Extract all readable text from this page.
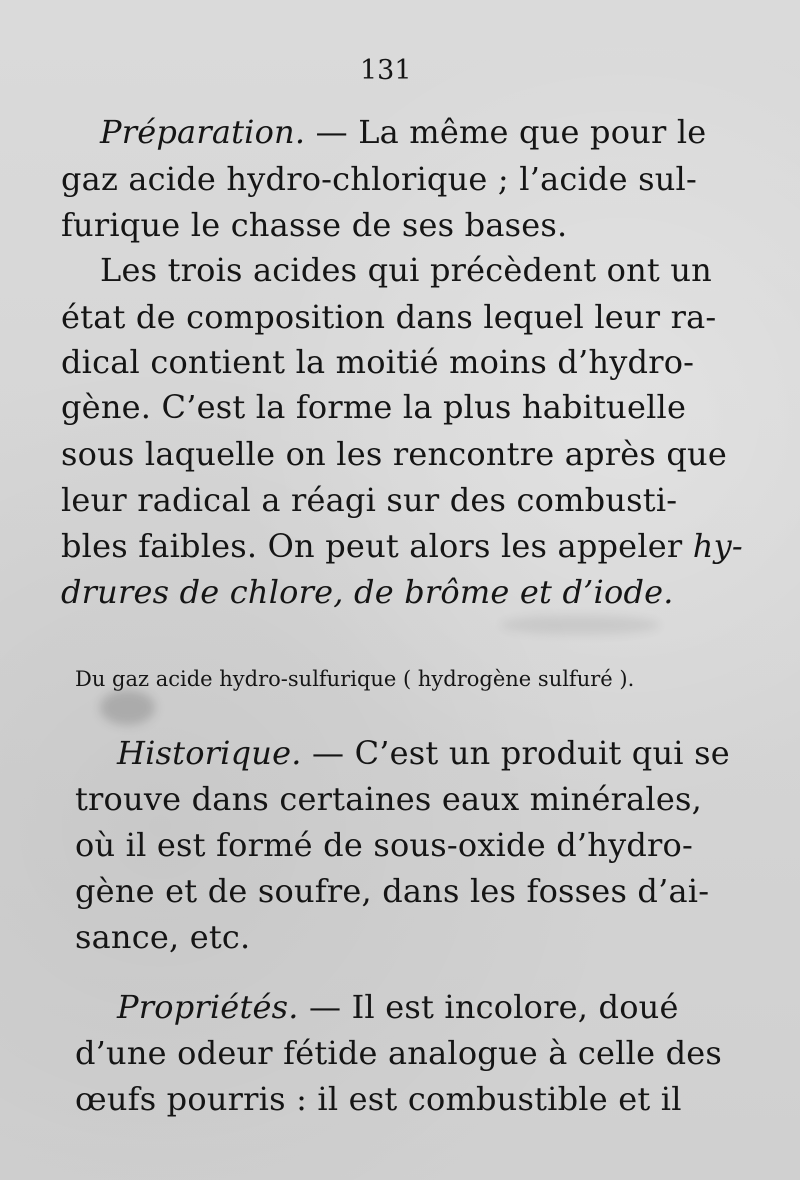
131
Préparation. — La même que pour le
gaz acide hydro-chlorique ; l’acide sul-
furique le chasse de ses bases.
Les trois acides qui précèdent ont un
état de composition dans lequel leur ra-
dical contient la moitié moins d’hydro-
gène. C’est la forme la plus habituelle
sous laquelle on les rencontre après que
leur radical a réagi sur des combusti-
bles faibles. On peut alors les appeler hy-
drures de chlore, de brôme et d’iode.
Du gaz acide hydro-sulfurique ( hydrogène sulfuré ).
Historique. — C’est un produit qui se
trouve dans certaines eaux minérales,
où il est formé de sous-oxide d’hydro-
gène et de soufre, dans les fosses d’ai-
sance, etc.
Propriétés. — Il est incolore, doué
d’une odeur fétide analogue à celle des
œufs pourris : il est combustible et il
